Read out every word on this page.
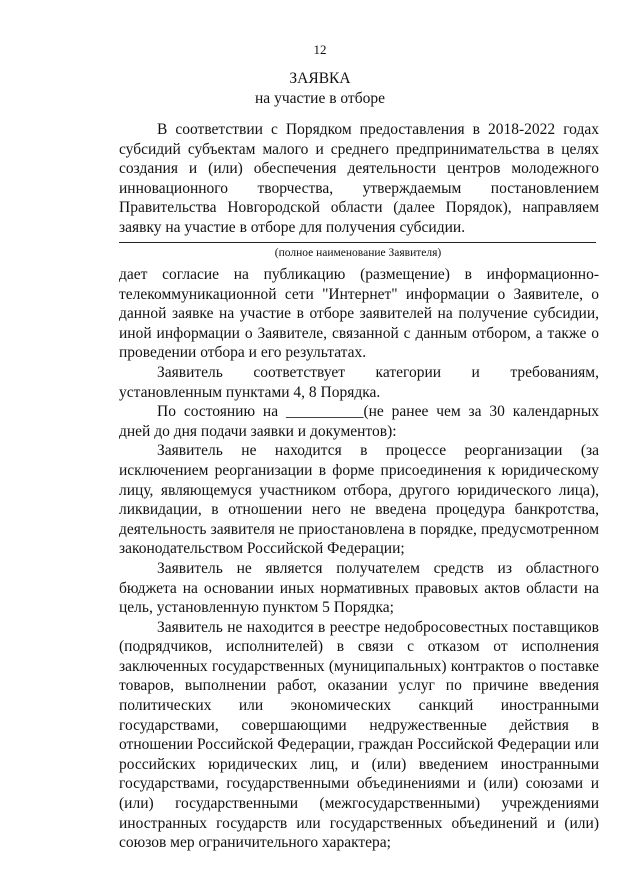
12
ЗАЯВКА
на участие в отборе

В соответствии с Порядком предоставления в 2018-2022 годах субсидий субъектам малого и среднего предпринимательства в целях создания и (или) обеспечения деятельности центров молодежного инновационного творчества, утверждаемым постановлением Правительства Новгородской области (далее Порядок), направляем заявку на участие в отборе для получения субсидии.

(полное наименование Заявителя)

дает согласие на публикацию (размещение) в информационно-телекоммуникационной сети "Интернет" информации о Заявителе, о данной заявке на участие в отборе заявителей на получение субсидии, иной информации о Заявителе, связанной с данным отбором, а также о проведении отбора и его результатах.

Заявитель соответствует категории и требованиям, установленным пунктами 4, 8 Порядка.

По состоянию на __________(не ранее чем за 30 календарных дней до дня подачи заявки и документов):

Заявитель не находится в процессе реорганизации (за исключением реорганизации в форме присоединения к юридическому лицу, являющемуся участником отбора, другого юридического лица), ликвидации, в отношении него не введена процедура банкротства, деятельность заявителя не приостановлена в порядке, предусмотренном законодательством Российской Федерации;

Заявитель не является получателем средств из областного бюджета на основании иных нормативных правовых актов области на цель, установленную пунктом 5 Порядка;

Заявитель не находится в реестре недобросовестных поставщиков (подрядчиков, исполнителей) в связи с отказом от исполнения заключенных государственных (муниципальных) контрактов о поставке товаров, выполнении работ, оказании услуг по причине введения политических или экономических санкций иностранными государствами, совершающими недружественные действия в отношении Российской Федерации, граждан Российской Федерации или российских юридических лиц, и (или) введением иностранными государствами, государственными объединениями и (или) союзами и (или) государственными (межгосударственными) учреждениями иностранных государств или государственных объединений и (или) союзов мер ограничительного характера;
